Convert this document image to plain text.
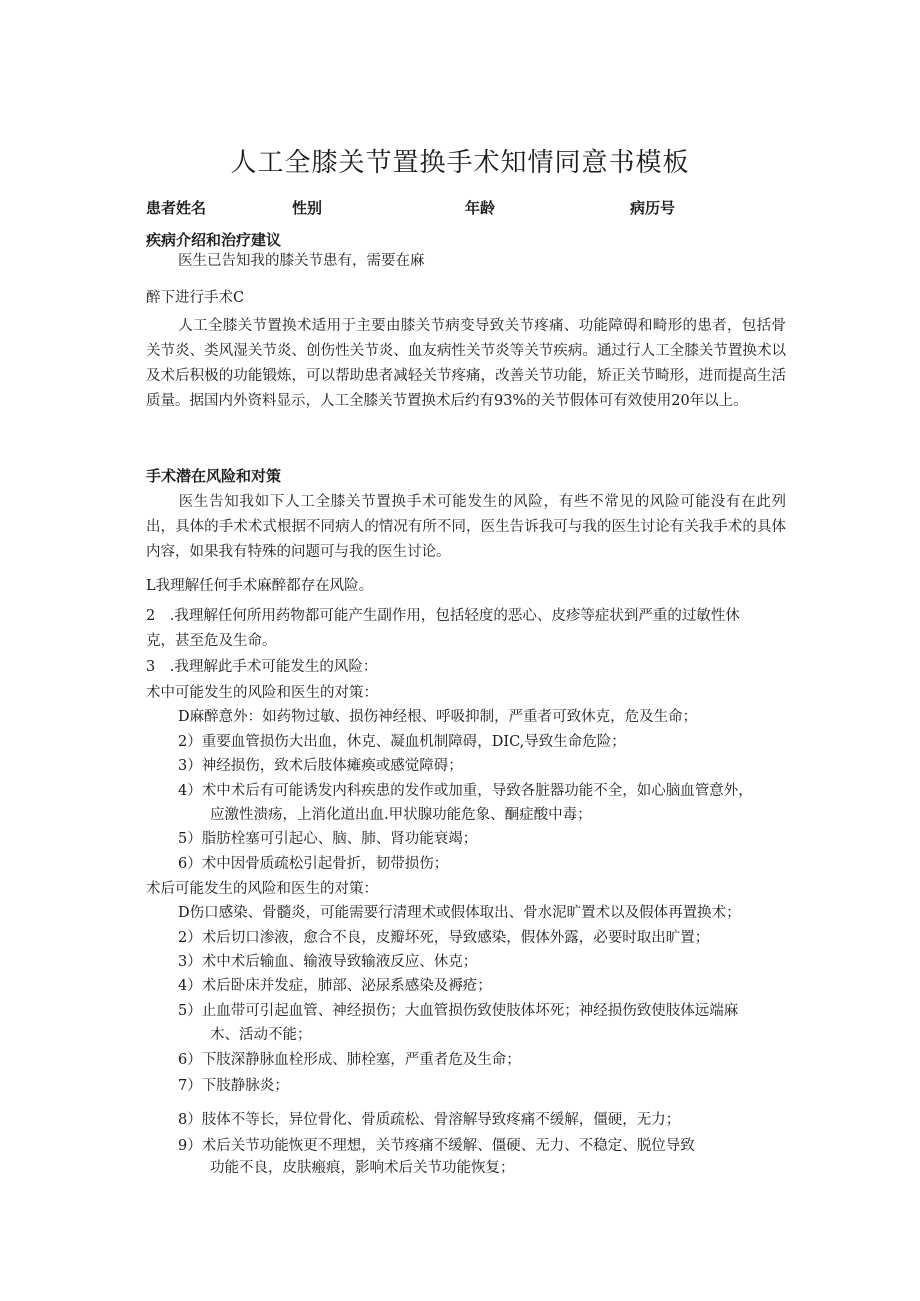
人工全膝关节置换手术知情同意书模板
患者姓名	性别	年龄	病历号
疾病介绍和治疗建议
医生已告知我的膝关节患有，需要在麻
醉下进行手术C
人工全膝关节置换术适用于主要由膝关节病变导致关节疼痛、功能障碍和畸形的患者，包括骨关节炎、类风湿关节炎、创伤性关节炎、血友病性关节炎等关节疾病。通过行人工全膝关节置换术以及术后积极的功能锻炼，可以帮助患者减轻关节疼痛，改善关节功能，矫正关节畸形，进而提高生活质量。据国内外资料显示，人工全膝关节置换术后约有93%的关节假体可有效使用20年以上。
手术潜在风险和对策
医生告知我如下人工全膝关节置换手术可能发生的风险，有些不常见的风险可能没有在此列出，具体的手术术式根据不同病人的情况有所不同，医生告诉我可与我的医生讨论有关我手术的具体内容，如果我有特殊的问题可与我的医生讨论。
L我理解任何手术麻醉都存在风险。
2　.我理解任何所用药物都可能产生副作用，包括轻度的恶心、皮疹等症状到严重的过敏性休
克，甚至危及生命。
3　.我理解此手术可能发生的风险：
术中可能发生的风险和医生的对策：
D麻醉意外：如药物过敏、损伤神经根、呼吸抑制，严重者可致休克，危及生命；
2）重要血管损伤大出血，休克、凝血机制障碍，DIC,导致生命危险；
3）神经损伤，致术后肢体瘫痪或感觉障碍；
4）术中术后有可能诱发内科疾患的发作或加重，导致各脏器功能不全，如心脑血管意外，
应激性溃疡，上消化道出血.甲状腺功能危象、酮症酸中毒；
5）脂肪栓塞可引起心、脑、肺、肾功能衰竭；
6）术中因骨质疏松引起骨折，韧带损伤；
术后可能发生的风险和医生的对策：
D伤口感染、骨髓炎，可能需要行清理术或假体取出、骨水泥旷置术以及假体再置换术；
2）术后切口渗液，愈合不良，皮瓣坏死，导致感染，假体外露，必要时取出旷置；
3）术中术后输血、输液导致输液反应、休克；
4）术后卧床并发症，肺部、泌尿系感染及褥疮；
5）止血带可引起血管、神经损伤；大血管损伤致使肢体坏死；神经损伤致使肢体远端麻
木、活动不能；
6）下肢深静脉血栓形成、肺栓塞，严重者危及生命；
7）下肢静脉炎；
8）肢体不等长，异位骨化、骨质疏松、骨溶解导致疼痛不缓解，僵硬，无力；
9）术后关节功能恢更不理想，关节疼痛不缓解、僵硬、无力、不稳定、脱位导致
功能不良，皮肤瘢痕，影响术后关节功能恢复；
